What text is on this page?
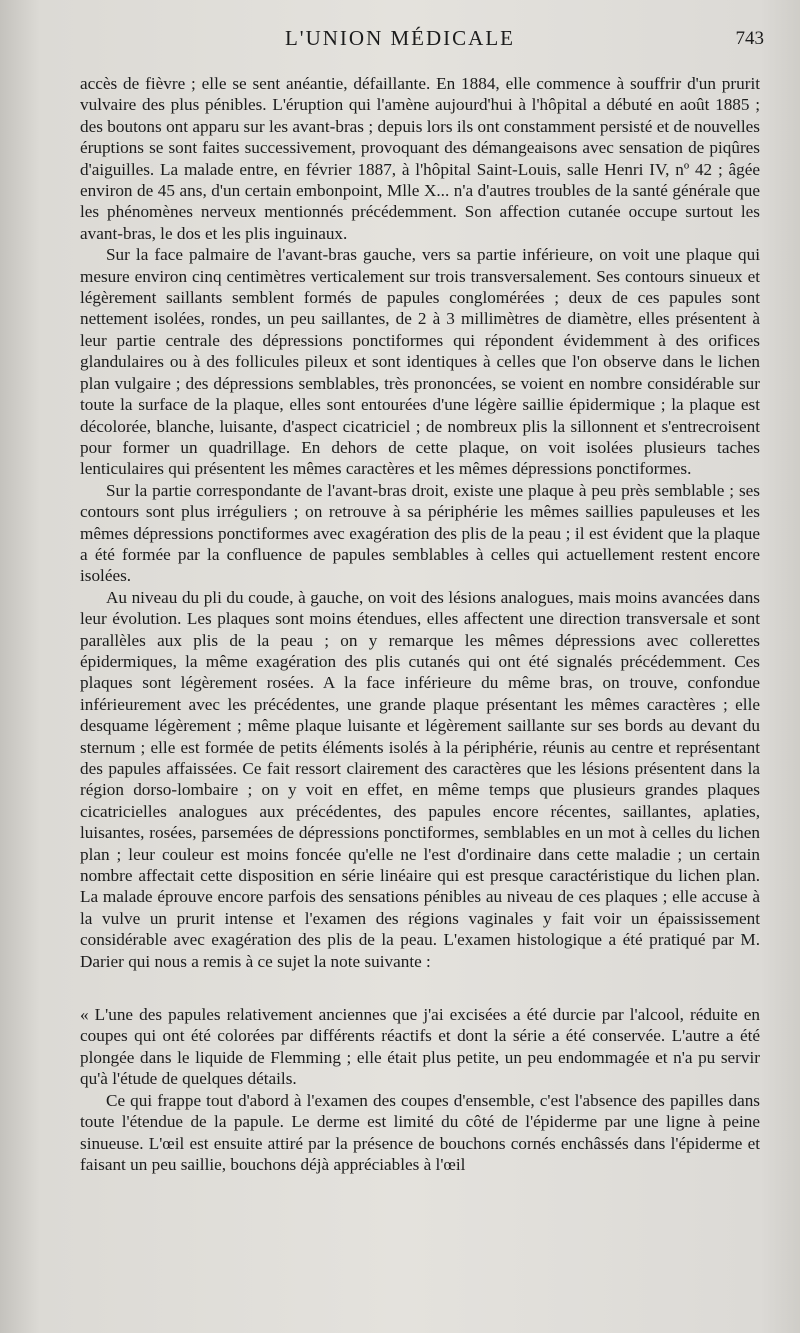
L'UNION MÉDICALE	743

accès de fièvre ; elle se sent anéantie, défaillante. En 1884, elle commence à souffrir d'un prurit vulvaire des plus pénibles. L'éruption qui l'amène aujourd'hui à l'hôpital a débuté en août 1885 ; des boutons ont apparu sur les avant-bras ; depuis lors ils ont constamment persisté et de nouvelles éruptions se sont faites successivement, provoquant des démangeaisons avec sensation de piqûres d'aiguilles. La malade entre, en février 1887, à l'hôpital Saint-Louis, salle Henri IV, nº 42 ; âgée environ de 45 ans, d'un certain embonpoint, Mlle X... n'a d'autres troubles de la santé générale que les phénomènes nerveux mentionnés précédemment. Son affection cutanée occupe surtout les avant-bras, le dos et les plis inguinaux.

Sur la face palmaire de l'avant-bras gauche, vers sa partie inférieure, on voit une plaque qui mesure environ cinq centimètres verticalement sur trois transversalement. Ses contours sinueux et légèrement saillants semblent formés de papules conglomérées ; deux de ces papules sont nettement isolées, rondes, un peu saillantes, de 2 à 3 millimètres de diamètre, elles présentent à leur partie centrale des dépressions ponctiformes qui répondent évidemment à des orifices glandulaires ou à des follicules pileux et sont identiques à celles que l'on observe dans le lichen plan vulgaire ; des dépressions semblables, très prononcées, se voient en nombre considérable sur toute la surface de la plaque, elles sont entourées d'une légère saillie épidermique ; la plaque est décolorée, blanche, luisante, d'aspect cicatriciel ; de nombreux plis la sillonnent et s'entrecroisent pour former un quadrillage. En dehors de cette plaque, on voit isolées plusieurs taches lenticulaires qui présentent les mêmes caractères et les mêmes dépressions ponctiformes.

Sur la partie correspondante de l'avant-bras droit, existe une plaque à peu près semblable ; ses contours sont plus irréguliers ; on retrouve à sa périphérie les mêmes saillies papuleuses et les mêmes dépressions ponctiformes avec exagération des plis de la peau ; il est évident que la plaque a été formée par la confluence de papules semblables à celles qui actuellement restent encore isolées.

Au niveau du pli du coude, à gauche, on voit des lésions analogues, mais moins avancées dans leur évolution. Les plaques sont moins étendues, elles affectent une direction transversale et sont parallèles aux plis de la peau ; on y remarque les mêmes dépressions avec collerettes épidermiques, la même exagération des plis cutanés qui ont été signalés précédemment. Ces plaques sont légèrement rosées. A la face inférieure du même bras, on trouve, confondue inférieurement avec les précédentes, une grande plaque présentant les mêmes caractères ; elle desquame légèrement ; même plaque luisante et légèrement saillante sur ses bords au devant du sternum ; elle est formée de petits éléments isolés à la périphérie, réunis au centre et représentant des papules affaissées. Ce fait ressort clairement des caractères que les lésions présentent dans la région dorso-lombaire ; on y voit en effet, en même temps que plusieurs grandes plaques cicatricielles analogues aux précédentes, des papules encore récentes, saillantes, aplaties, luisantes, rosées, parsemées de dépressions ponctiformes, semblables en un mot à celles du lichen plan ; leur couleur est moins foncée qu'elle ne l'est d'ordinaire dans cette maladie ; un certain nombre affectait cette disposition en série linéaire qui est presque caractéristique du lichen plan. La malade éprouve encore parfois des sensations pénibles au niveau de ces plaques ; elle accuse à la vulve un prurit intense et l'examen des régions vaginales y fait voir un épaississement considérable avec exagération des plis de la peau. L'examen histologique a été pratiqué par M. Darier qui nous a remis à ce sujet la note suivante :

« L'une des papules relativement anciennes que j'ai excisées a été durcie par l'alcool, réduite en coupes qui ont été colorées par différents réactifs et dont la série a été conservée. L'autre a été plongée dans le liquide de Flemming ; elle était plus petite, un peu endommagée et n'a pu servir qu'à l'étude de quelques détails.

Ce qui frappe tout d'abord à l'examen des coupes d'ensemble, c'est l'absence des papilles dans toute l'étendue de la papule. Le derme est limité du côté de l'épiderme par une ligne à peine sinueuse. L'œil est ensuite attiré par la présence de bouchons cornés enchâssés dans l'épiderme et faisant un peu saillie, bouchons déjà appréciables à l'œil
